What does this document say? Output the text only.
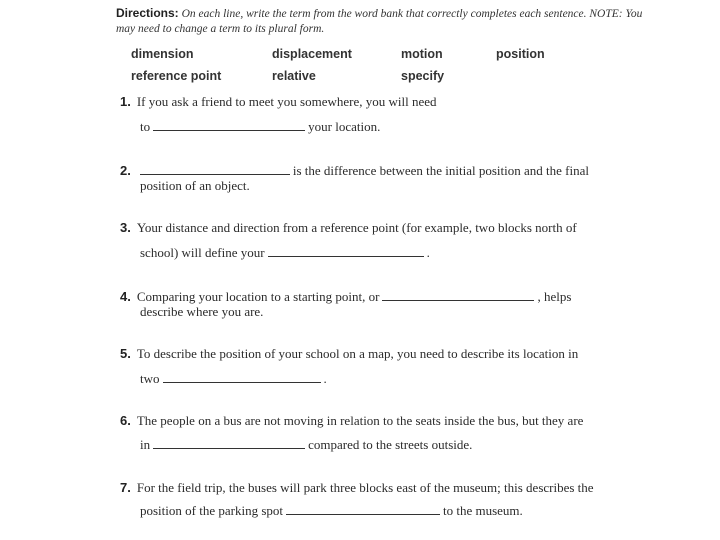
Directions: On each line, write the term from the word bank that correctly completes each sentence. NOTE: You may need to change a term to its plural form.
dimension	displacement	motion	position
reference point	relative	specify
1. If you ask a friend to meet you somewhere, you will need
to	your location.
2.	is the difference between the initial position and the final
position of an object.
3. Your distance and direction from a reference point (for example, two blocks north of
school) will define your	.
4. Comparing your location to a starting point, or	, helps
describe where you are.
5. To describe the position of your school on a map, you need to describe its location in
two	.
6. The people on a bus are not moving in relation to the seats inside the bus, but they are
in	compared to the streets outside.
7. For the field trip, the buses will park three blocks east of the museum; this describes the
position of the parking spot	to the museum.
